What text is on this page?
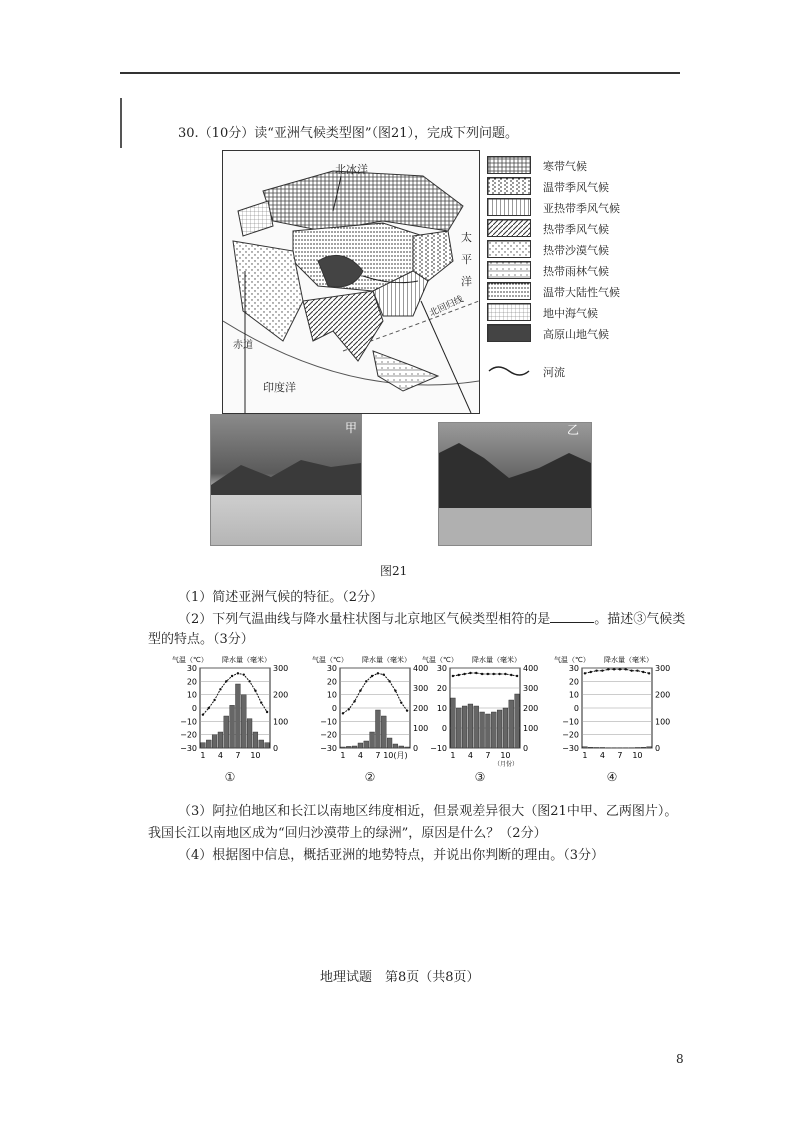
30.（10分）读“亚洲气候类型图”（图21），完成下列问题。
北冰洋
太
平
洋
印度洋
赤道
北回归线
寒带气候
温带季风气候
亚热带季风气候
热带季风气候
热带沙漠气候
热带雨林气候
温带大陆性气候
地中海气候
高原山地气候
河流
甲	乙
图21
（1）简述亚洲气候的特征。（2分）
（2）下列气温曲线与降水量柱状图与北京地区气候类型相符的是	。描述③气候类
型的特点。（3分）
气温（℃） 降水量（毫米）
30
20
10
0
−10
−20
−30
300
200
100
0
1 4 7 10
①
气温（℃） 降水量（毫米）
30
20
10
0
−10
−20
−30
400
300
200
100
0
1 4 7 10(月)
②
气温（℃） 降水量（毫米）
30
20
10
0
−10
400
300
200
100
0
1 4 7 10
（月份）
③
气温（℃） 降水量（毫米）
30
20
10
0
−10
−20
−30
300
200
100
0
1 4 7 10
④
（3）阿拉伯地区和长江以南地区纬度相近，但景观差异很大（图21中甲、乙两图片）。
我国长江以南地区成为“回归沙漠带上的绿洲”，原因是什么？（2分）
（4）根据图中信息，概括亚洲的地势特点，并说出你判断的理由。（3分）
地理试题　第8页（共8页）
8
